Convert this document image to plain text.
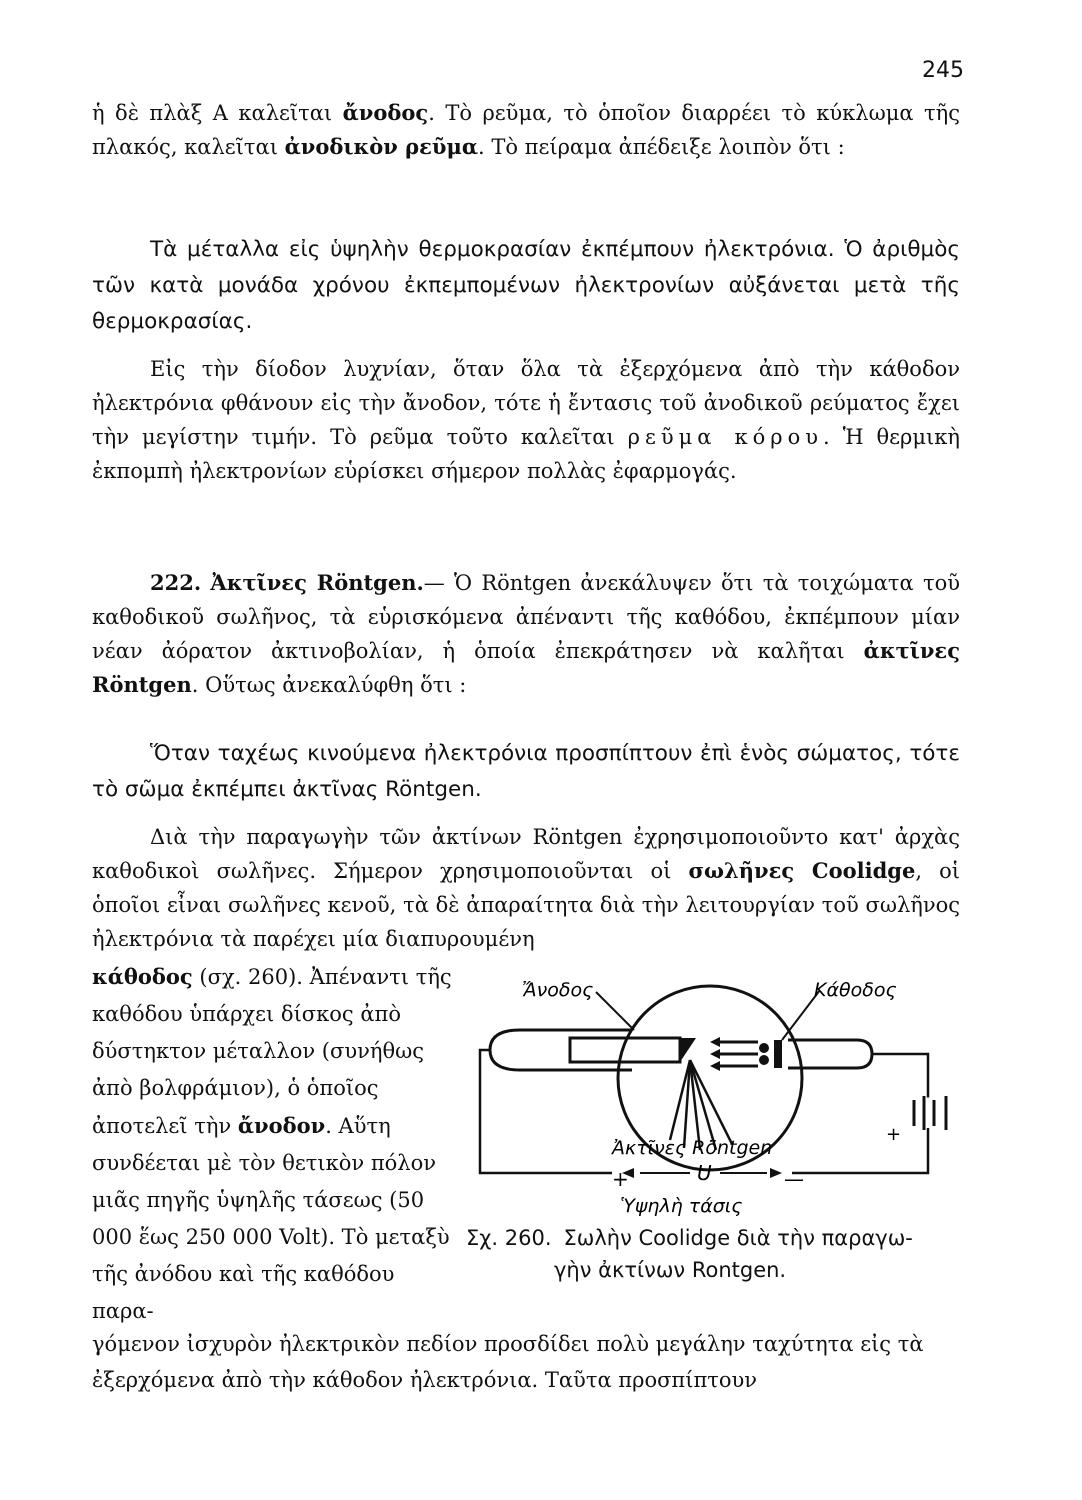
245

ἡ δὲ πλὰξ Α καλεῖται ἄνοδος. Τὸ ρεῦμα, τὸ ὁποῖον διαρρέει τὸ κύκλωμα τῆς πλακός, καλεῖται ἀνοδικὸν ρεῦμα. Τὸ πείραμα ἀπέδειξε λοιπὸν ὅτι :

Τὰ μέταλλα εἰς ὑψηλὴν θερμοκρασίαν ἐκπέμπουν ἠλεκτρόνια. Ὁ ἀριθμὸς τῶν κατὰ μονάδα χρόνου ἐκπεμπομένων ἠλεκτρονίων αὐξάνεται μετὰ τῆς θερμοκρασίας.

Εἰς τὴν δίοδον λυχνίαν, ὅταν ὅλα τὰ ἐξερχόμενα ἀπὸ τὴν κάθοδον ἠλεκτρόνια φθάνουν εἰς τὴν ἄνοδον, τότε ἡ ἔντασις τοῦ ἀνοδικοῦ ρεύματος ἔχει τὴν μεγίστην τιμήν. Τὸ ρεῦμα τοῦτο καλεῖται ρεῦμα κόρου. Ἡ θερμικὴ ἐκπομπὴ ἠλεκτρονίων εὑρίσκει σήμερον πολλὰς ἐφαρμογάς.

222. Ἀκτῖνες Röntgen.— Ὁ Röntgen ἀνεκάλυψεν ὅτι τὰ τοιχώματα τοῦ καθοδικοῦ σωλῆνος, τὰ εὑρισκόμενα ἀπέναντι τῆς καθόδου, ἐκπέμπουν μίαν νέαν ἀόρατον ἀκτινοβολίαν, ἡ ὁποία ἐπεκράτησεν νὰ καλῆται ἀκτῖνες Röntgen. Οὕτως ἀνεκαλύφθη ὅτι :

Ὅταν ταχέως κινούμενα ἠλεκτρόνια προσπίπτουν ἐπὶ ἑνὸς σώματος, τότε τὸ σῶμα ἐκπέμπει ἀκτῖνας Röntgen.

Διὰ τὴν παραγωγὴν τῶν ἀκτίνων Röntgen ἐχρησιμοποιοῦντο κατ' ἀρχὰς καθοδικοὶ σωλῆνες. Σήμερον χρησιμοποιοῦνται οἱ σωλῆνες Coolidge, οἱ ὁποῖοι εἶναι σωλῆνες κενοῦ, τὰ δὲ ἀπαραίτητα διὰ τὴν λειτουργίαν τοῦ σωλῆνος ἠλεκτρόνια τὰ παρέχει μία διαπυρουμένη

κάθοδος (σχ. 260). Ἀπέναντι τῆς καθόδου ὑπάρχει δίσκος ἀπὸ δύστηκτον μέταλλον (συνήθως ἀπὸ βολφράμιον), ὁ ὁποῖος ἀποτελεῖ τὴν ἄνοδον. Αὕτη συνδέεται μὲ τὸν θετικὸν πόλον μιᾶς πηγῆς ὑψηλῆς τάσεως (50 000 ἕως 250 000 Volt). Τὸ μεταξὺ τῆς ἀνόδου καὶ τῆς καθόδου παρα-

+
Ἄνοδος	Κάθοδος
Ἀκτῖνες Röntgen
+	U	—
Ὑψηλὴ τάσις
Σχ. 260. Σωλὴν Coolidge διὰ τὴν παραγω-
γὴν ἀκτίνων Rontgen.

γόμενον ἰσχυρὸν ἠλεκτρικὸν πεδίον προσδίδει πολὺ μεγάλην ταχύτητα εἰς τὰ ἐξερχόμενα ἀπὸ τὴν κάθοδον ἠλεκτρόνια. Ταῦτα προσπίπτουν
